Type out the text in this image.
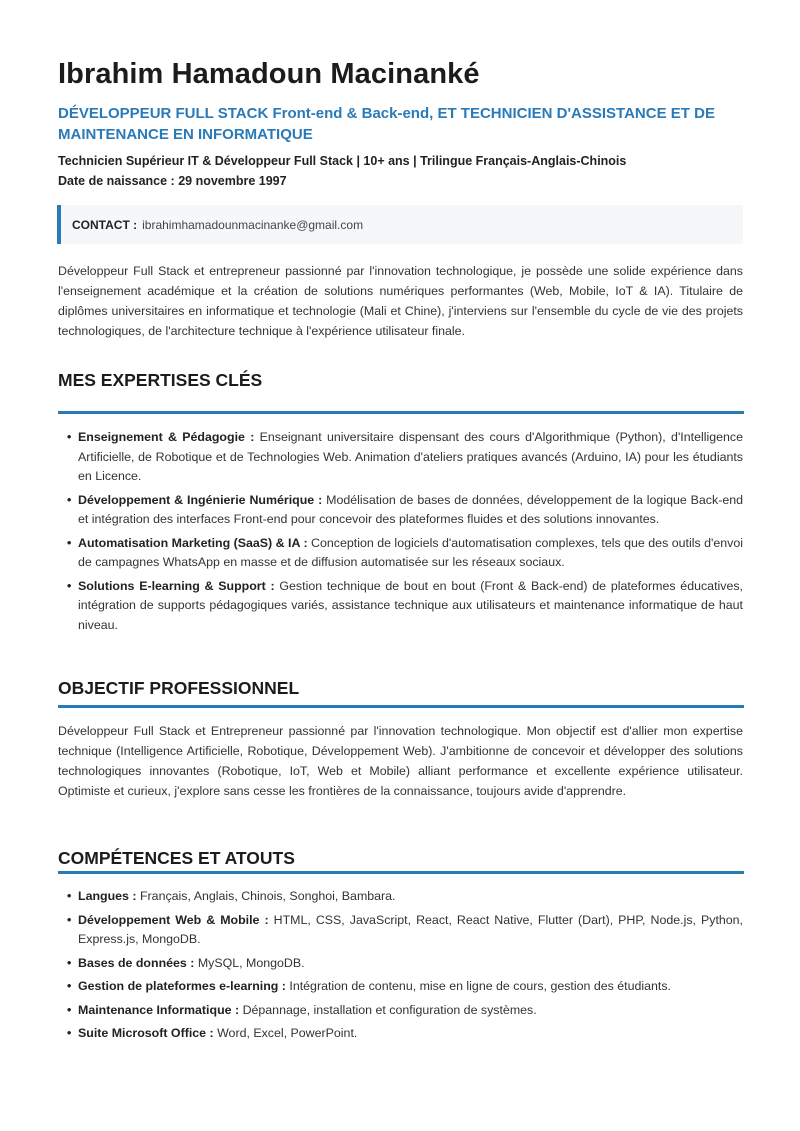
Ibrahim Hamadoun Macinanké

DÉVELOPPEUR FULL STACK Front-end & Back-end, ET TECHNICIEN D'ASSISTANCE ET DE MAINTENANCE EN INFORMATIQUE

Technicien Supérieur IT & Développeur Full Stack | 10+ ans | Trilingue Français-Anglais-Chinois

Date de naissance : 29 novembre 1997

CONTACT : ibrahimhamadounmacinanke@gmail.com

Développeur Full Stack et entrepreneur passionné par l'innovation technologique, je possède une solide expérience dans l'enseignement académique et la création de solutions numériques performantes (Web, Mobile, IoT & IA). Titulaire de diplômes universitaires en informatique et technologie (Mali et Chine), j'interviens sur l'ensemble du cycle de vie des projets technologiques, de l'architecture technique à l'expérience utilisateur finale.

MES EXPERTISES CLÉS
• Enseignement & Pédagogie : Enseignant universitaire dispensant des cours d'Algorithmique (Python), d'Intelligence Artificielle, de Robotique et de Technologies Web. Animation d'ateliers pratiques avancés (Arduino, IA) pour les étudiants en Licence.
• Développement & Ingénierie Numérique : Modélisation de bases de données, développement de la logique Back-end et intégration des interfaces Front-end pour concevoir des plateformes fluides et des solutions innovantes.
• Automatisation Marketing (SaaS) & IA : Conception de logiciels d'automatisation complexes, tels que des outils d'envoi de campagnes WhatsApp en masse et de diffusion automatisée sur les réseaux sociaux.
• Solutions E-learning & Support : Gestion technique de bout en bout (Front & Back-end) de plateformes éducatives, intégration de supports pédagogiques variés, assistance technique aux utilisateurs et maintenance informatique de haut niveau.
OBJECTIF PROFESSIONNEL

Développeur Full Stack et Entrepreneur passionné par l'innovation technologique. Mon objectif est d'allier mon expertise technique (Intelligence Artificielle, Robotique, Développement Web). J'ambitionne de concevoir et développer des solutions technologiques innovantes (Robotique, IoT, Web et Mobile) alliant performance et excellente expérience utilisateur. Optimiste et curieux, j'explore sans cesse les frontières de la connaissance, toujours avide d'apprendre.

COMPÉTENCES ET ATOUTS
• Langues : Français, Anglais, Chinois, Songhoi, Bambara.
• Développement Web & Mobile : HTML, CSS, JavaScript, React, React Native, Flutter (Dart), PHP, Node.js, Python, Express.js, MongoDB.
• Bases de données : MySQL, MongoDB.
• Gestion de plateformes e-learning : Intégration de contenu, mise en ligne de cours, gestion des étudiants.
• Maintenance Informatique : Dépannage, installation et configuration de systèmes.
• Suite Microsoft Office : Word, Excel, PowerPoint.
